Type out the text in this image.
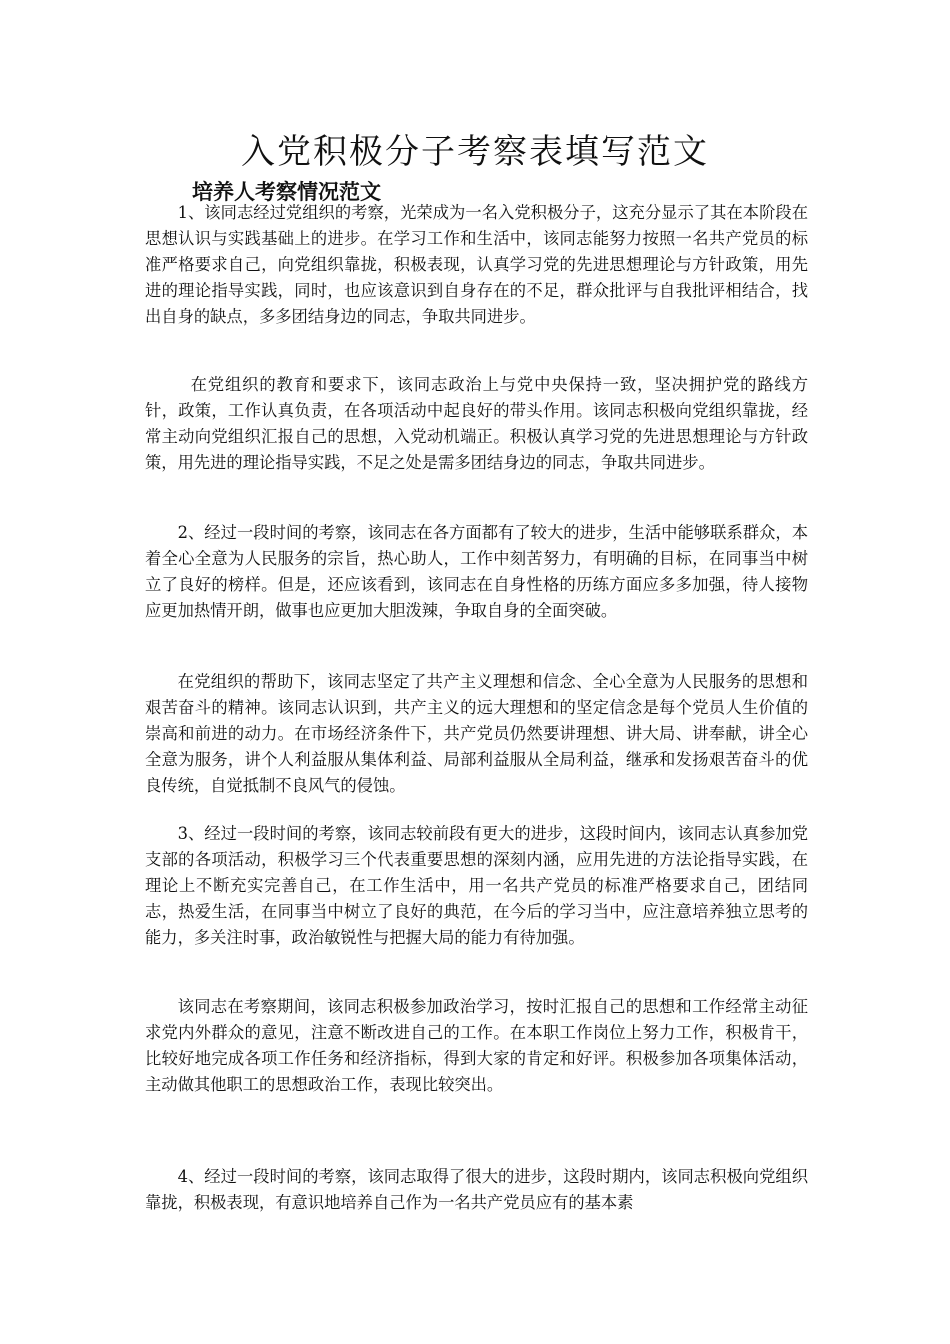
入党积极分子考察表填写范文
培养人考察情况范文

1、该同志经过党组织的考察，光荣成为一名入党积极分子，这充分显示了其在本阶段在思想认识与实践基础上的进步。在学习工作和生活中，该同志能努力按照一名共产党员的标准严格要求自己，向党组织靠拢，积极表现，认真学习党的先进思想理论与方针政策，用先进的理论指导实践，同时，也应该意识到自身存在的不足，群众批评与自我批评相结合，找出自身的缺点，多多团结身边的同志，争取共同进步。

在党组织的教育和要求下，该同志政治上与党中央保持一致，坚决拥护党的路线方针，政策，工作认真负责，在各项活动中起良好的带头作用。该同志积极向党组织靠拢，经常主动向党组织汇报自己的思想，入党动机端正。积极认真学习党的先进思想理论与方针政策，用先进的理论指导实践，不足之处是需多团结身边的同志，争取共同进步。

2、经过一段时间的考察，该同志在各方面都有了较大的进步，生活中能够联系群众，本着全心全意为人民服务的宗旨，热心助人，工作中刻苦努力，有明确的目标，在同事当中树立了良好的榜样。但是，还应该看到，该同志在自身性格的历练方面应多多加强，待人接物应更加热情开朗，做事也应更加大胆泼辣，争取自身的全面突破。

在党组织的帮助下，该同志坚定了共产主义理想和信念、全心全意为人民服务的思想和艰苦奋斗的精神。该同志认识到，共产主义的远大理想和的坚定信念是每个党员人生价值的崇高和前进的动力。在市场经济条件下，共产党员仍然要讲理想、讲大局、讲奉献，讲全心全意为服务，讲个人利益服从集体利益、局部利益服从全局利益，继承和发扬艰苦奋斗的优良传统，自觉抵制不良风气的侵蚀。

3、经过一段时间的考察，该同志较前段有更大的进步，这段时间内，该同志认真参加党支部的各项活动，积极学习三个代表重要思想的深刻内涵，应用先进的方法论指导实践，在理论上不断充实完善自己，在工作生活中，用一名共产党员的标准严格要求自己，团结同志，热爱生活，在同事当中树立了良好的典范，在今后的学习当中，应注意培养独立思考的能力，多关注时事，政治敏锐性与把握大局的能力有待加强。

该同志在考察期间，该同志积极参加政治学习，按时汇报自己的思想和工作经常主动征求党内外群众的意见，注意不断改进自己的工作。在本职工作岗位上努力工作，积极肯干，比较好地完成各项工作任务和经济指标，得到大家的肯定和好评。积极参加各项集体活动，主动做其他职工的思想政治工作，表现比较突出。

4、经过一段时间的考察，该同志取得了很大的进步，这段时期内，该同志积极向党组织靠拢，积极表现，有意识地培养自己作为一名共产党员应有的基本素
